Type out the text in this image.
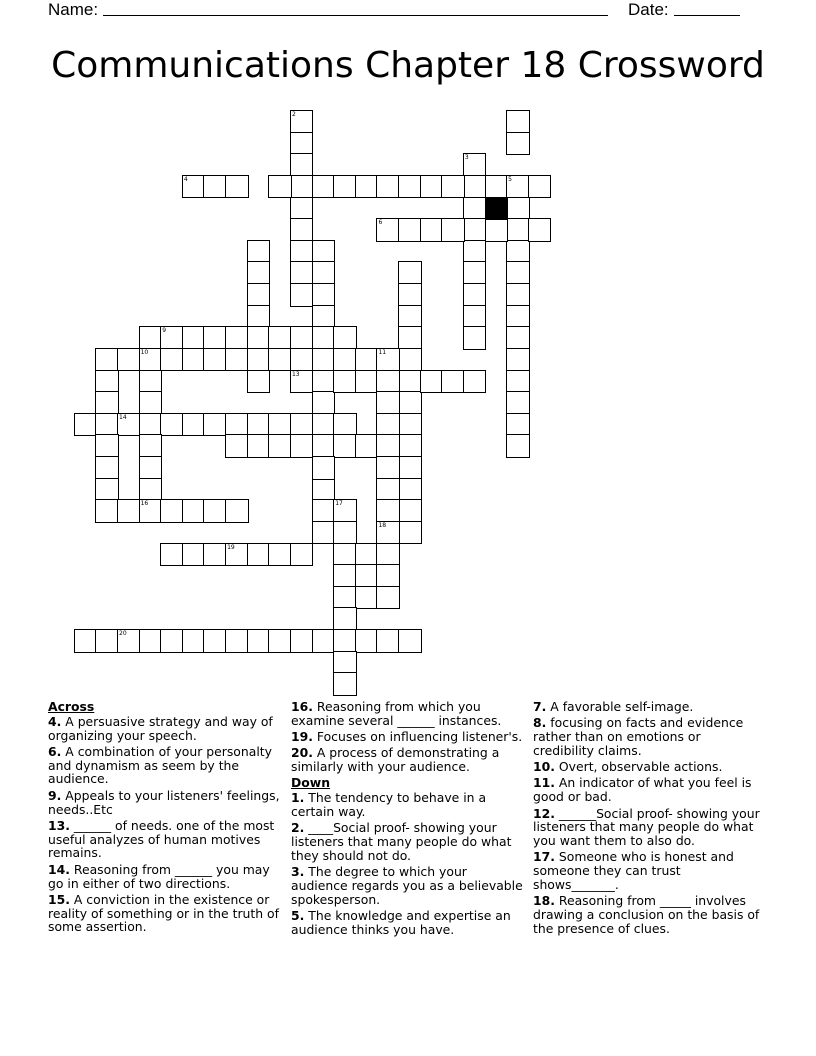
Name:	Date:
Communications Chapter 18 Crossword
2
3
4	5
6
9
10	11
13
14
16	17
18
19
20

Across

4. A persuasive strategy and way of organizing your speech.

6. A combination of your personalty and dynamism as seem by the audience.

9. Appeals to your listeners' feelings, needs..Etc

13. ______ of needs. one of the most useful analyzes of human motives remains.

14. Reasoning from ______ you may go in either of two directions.

15. A conviction in the existence or reality of something or in the truth of some assertion.

16. Reasoning from which you examine several ______ instances.

19. Focuses on influencing listener's.

20. A process of demonstrating a similarly with your audience.

Down

1. The tendency to behave in a certain way.

2. ____Social proof- showing your listeners that many people do what they should not do.

3. The degree to which your audience regards you as a believable spokesperson.

5. The knowledge and expertise an audience thinks you have.

7. A favorable self-image.

8. focusing on facts and evidence rather than on emotions or credibility claims.

10. Overt, observable actions.

11. An indicator of what you feel is good or bad.

12. ______Social proof- showing your listeners that many people do what you want them to also do.

17. Someone who is honest and someone they can trust shows_______.

18. Reasoning from _____ involves drawing a conclusion on the basis of the presence of clues.
